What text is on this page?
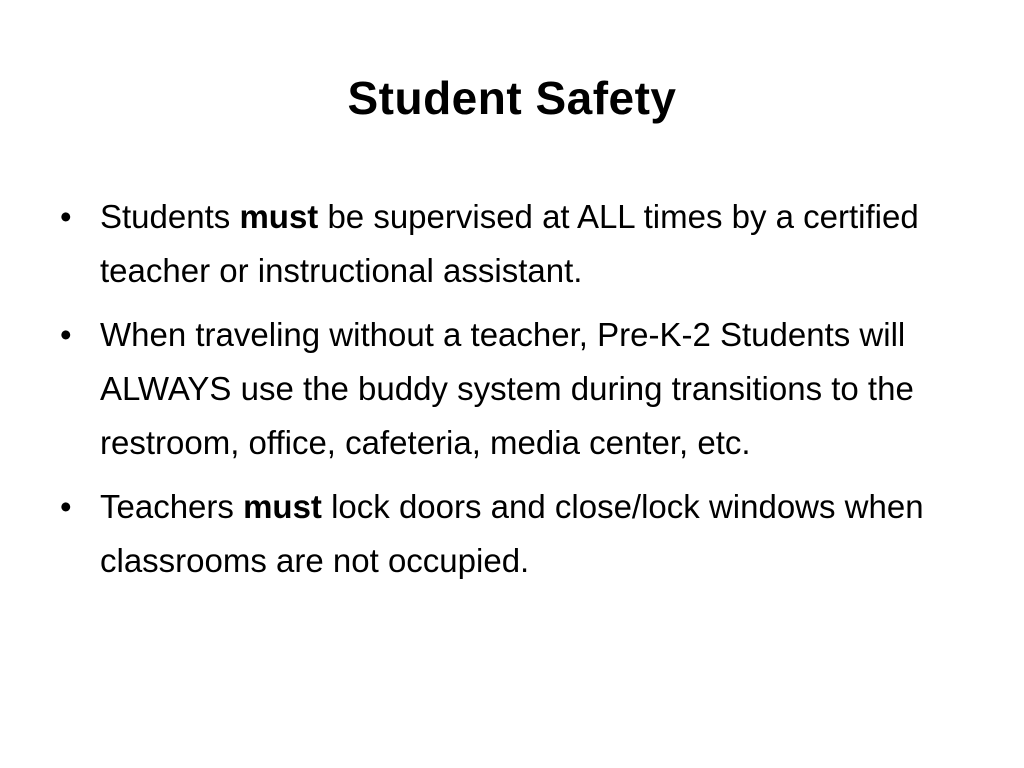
Student Safety
• Students must be supervised at ALL times by a certified teacher or instructional assistant.
• When traveling without a teacher, Pre-K-2 Students will ALWAYS use the buddy system during transitions to the restroom, office, cafeteria, media center, etc.
• Teachers must lock doors and close/lock windows when classrooms are not occupied.
